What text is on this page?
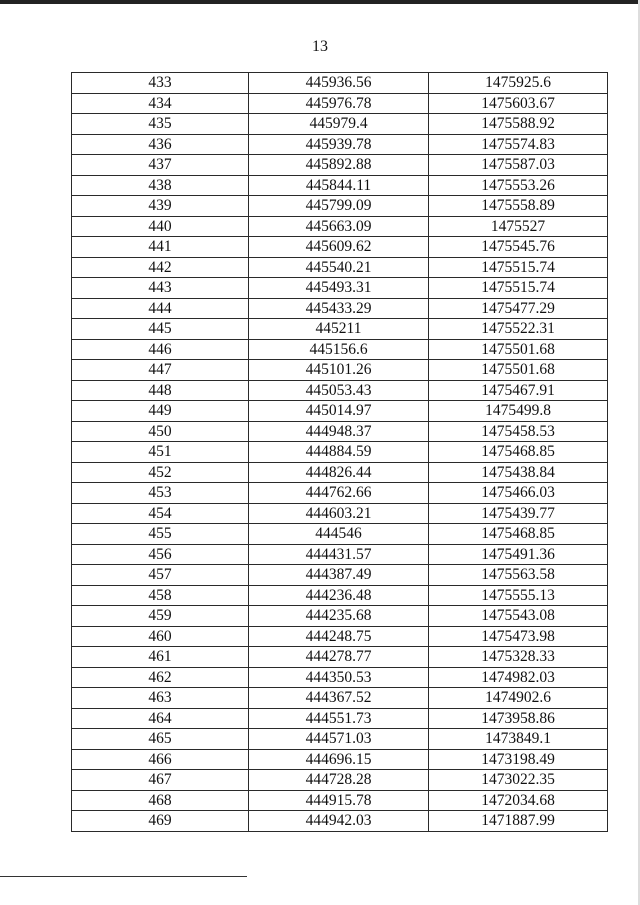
13
433	445936.56	1475925.6
434	445976.78	1475603.67
435	445979.4	1475588.92
436	445939.78	1475574.83
437	445892.88	1475587.03
438	445844.11	1475553.26
439	445799.09	1475558.89
440	445663.09	1475527
441	445609.62	1475545.76
442	445540.21	1475515.74
443	445493.31	1475515.74
444	445433.29	1475477.29
445	445211	1475522.31
446	445156.6	1475501.68
447	445101.26	1475501.68
448	445053.43	1475467.91
449	445014.97	1475499.8
450	444948.37	1475458.53
451	444884.59	1475468.85
452	444826.44	1475438.84
453	444762.66	1475466.03
454	444603.21	1475439.77
455	444546	1475468.85
456	444431.57	1475491.36
457	444387.49	1475563.58
458	444236.48	1475555.13
459	444235.68	1475543.08
460	444248.75	1475473.98
461	444278.77	1475328.33
462	444350.53	1474982.03
463	444367.52	1474902.6
464	444551.73	1473958.86
465	444571.03	1473849.1
466	444696.15	1473198.49
467	444728.28	1473022.35
468	444915.78	1472034.68
469	444942.03	1471887.99
